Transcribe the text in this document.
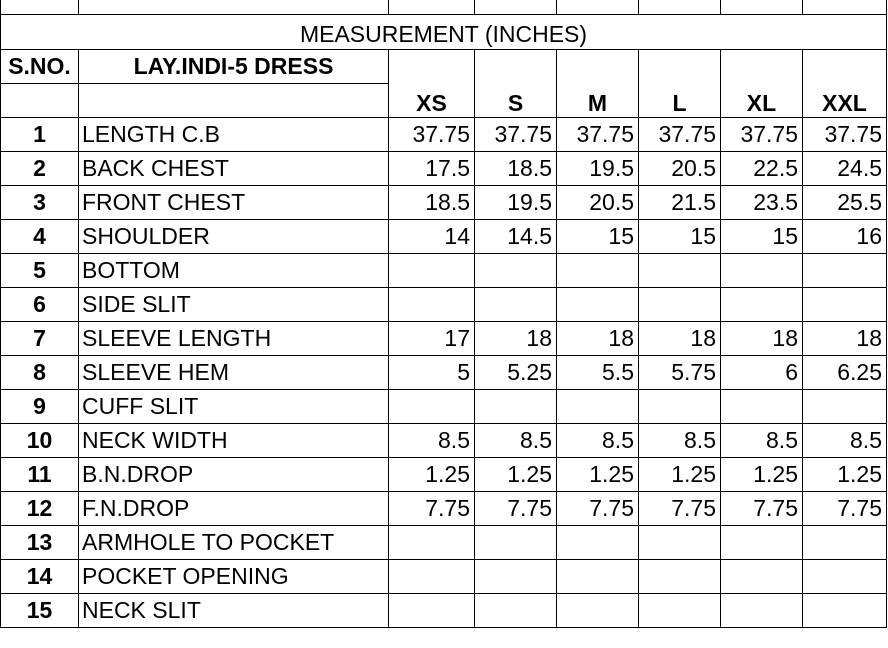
MEASUREMENT (INCHES)							
S.NO.	LAY.INDI-5 DRESS						
		XS	S	M	L	XL	XXL
1	LENGTH C.B	37.75	37.75	37.75	37.75	37.75	37.75
2	BACK CHEST	17.5	18.5	19.5	20.5	22.5	24.5
3	FRONT CHEST	18.5	19.5	20.5	21.5	23.5	25.5
4	SHOULDER	14	14.5	15	15	15	16
5	BOTTOM						
6	SIDE SLIT						
7	SLEEVE LENGTH	17	18	18	18	18	18
8	SLEEVE HEM	5	5.25	5.5	5.75	6	6.25
9	CUFF SLIT						
10	NECK WIDTH	8.5	8.5	8.5	8.5	8.5	8.5
11	B.N.DROP	1.25	1.25	1.25	1.25	1.25	1.25
12	F.N.DROP	7.75	7.75	7.75	7.75	7.75	7.75
13	ARMHOLE TO POCKET						
14	POCKET OPENING						
15	NECK SLIT						
